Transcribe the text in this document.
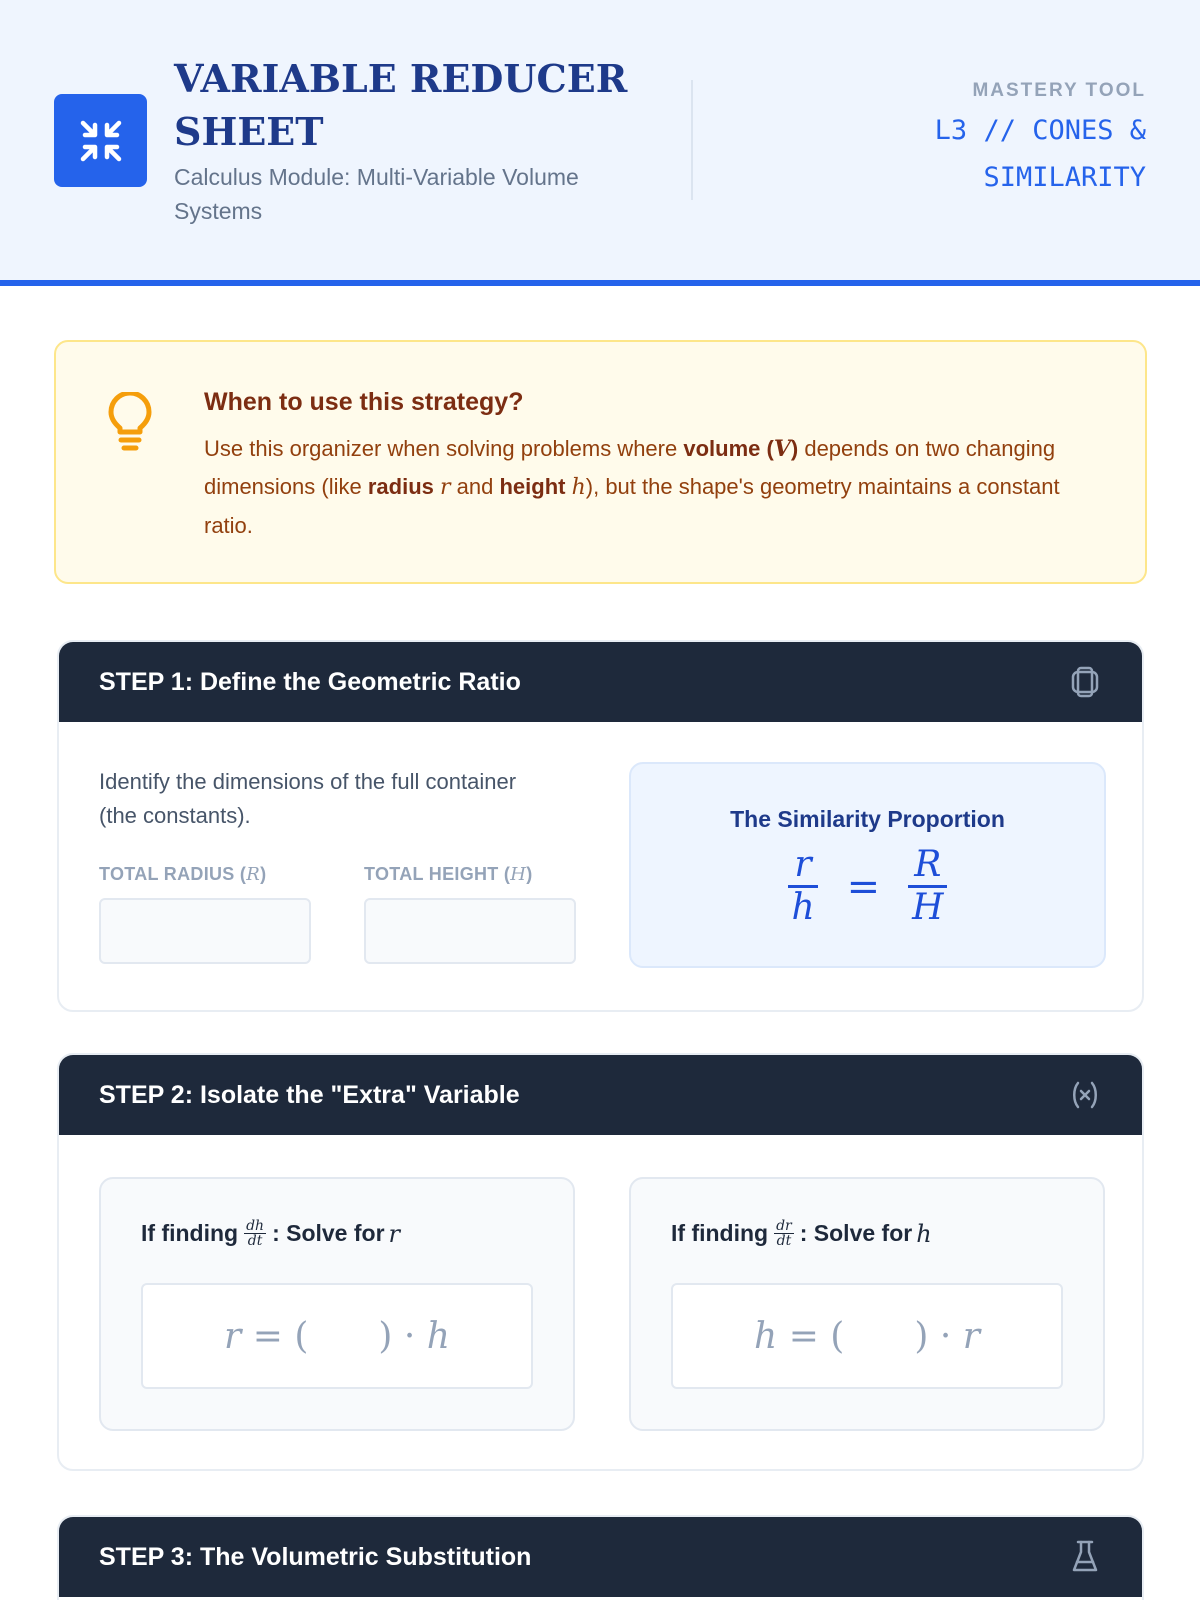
VARIABLE REDUCER SHEET
Calculus Module: Multi-Variable Volume Systems
MASTERY TOOL
L3 // CONES & SIMILARITY
When to use this strategy?
Use this organizer when solving problems where volume (V) depends on two changing dimensions (like radius r and height h), but the shape's geometry maintains a constant ratio.
STEP 1: Define the Geometric Ratio
Identify the dimensions of the full container (the constants).
TOTAL RADIUS (R)	TOTAL HEIGHT (H)
The Similarity Proportion
$\frac{r}{h} = \frac{R}{H}$
STEP 2: Isolate the "Extra" Variable
If finding $\frac{dh}{dt}$ : Solve for r
r
= ( ) ·
h
If finding $\frac{dr}{dt}$ : Solve for h
h
= ( ) ·
r
STEP 3: The Volumetric Substitution
